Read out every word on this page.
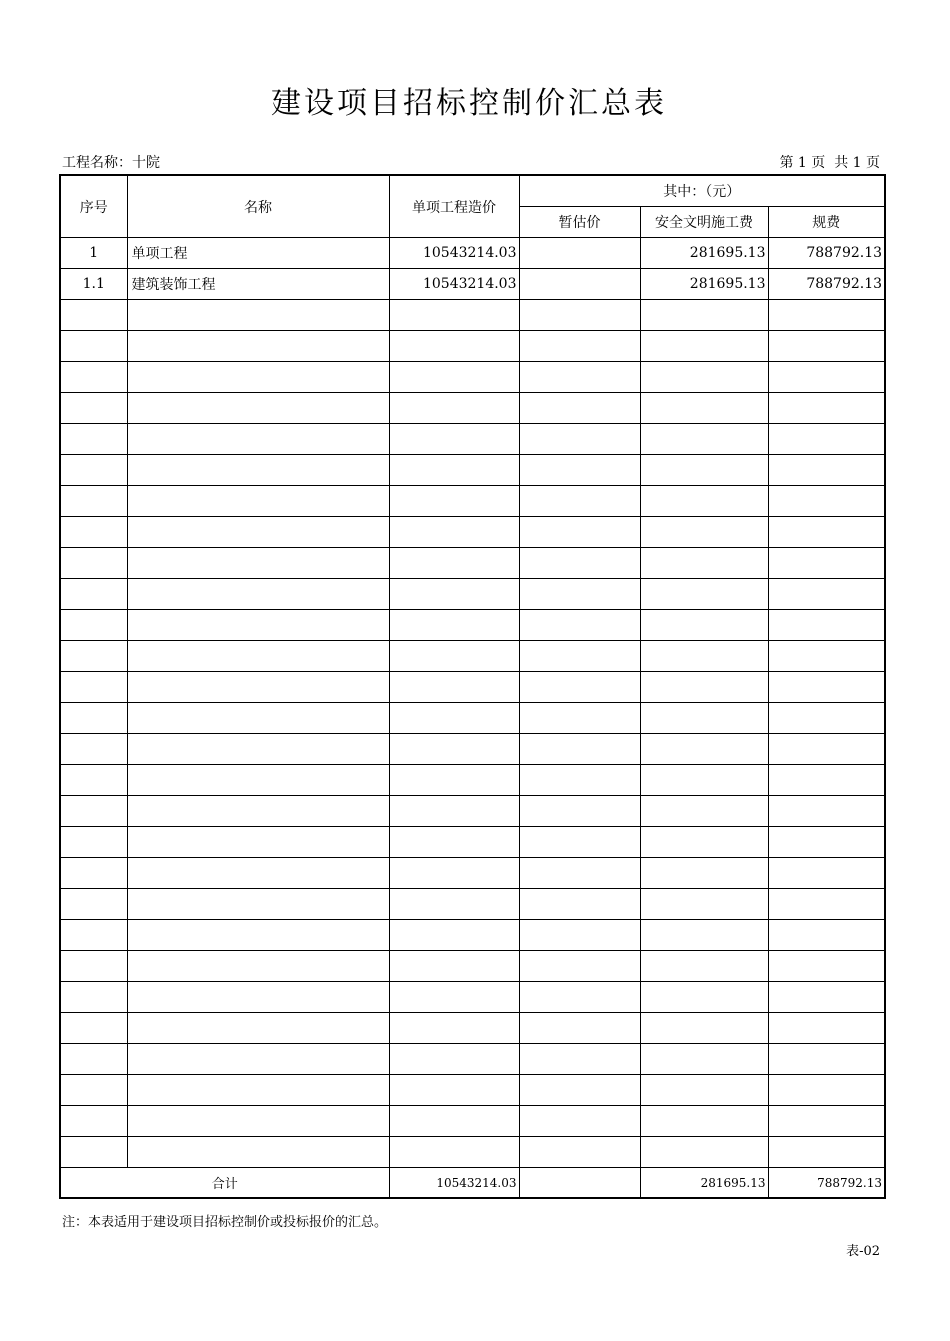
建设项目招标控制价汇总表
工程名称：十院	第 1 页  共 1 页
序号	名称	单项工程造价	其中：（元）		
			暂估价	安全文明施工费	规费
1	单项工程	10543214.03		281695.13	788792.13
1.1	建筑装饰工程	10543214.03		281695.13	788792.13

合计		10543214.03		281695.13	788792.13
注：本表适用于建设项目招标控制价或投标报价的汇总。
表-02
